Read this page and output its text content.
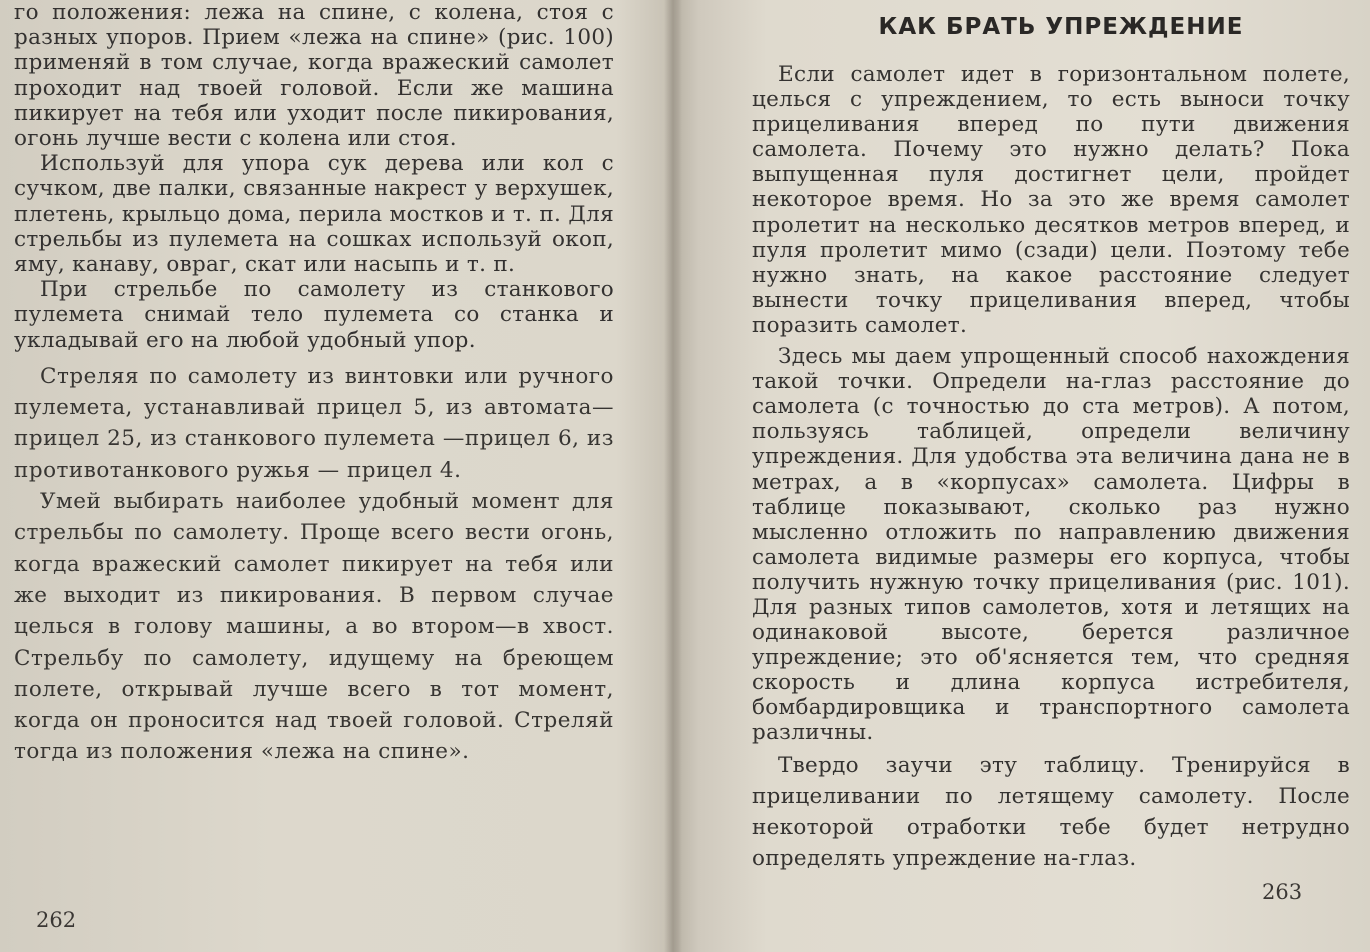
го положения: лежа на спине, с колена, стоя с разных упоров. Прием «лежа на спине» (рис. 100) применяй в том случае, когда вражеский самолет проходит над твоей головой. Если же машина пикирует на тебя или уходит после пикирования, огонь лучше вести с колена или стоя.

Используй для упора сук дерева или кол с сучком, две палки, связанные накрест у верхушек, плетень, крыльцо дома, перила мостков и т. п. Для стрельбы из пулемета на сошках используй окоп, яму, канаву, овраг, скат или насыпь и т. п.

При стрельбе по самолету из станкового пулемета снимай тело пулемета со станка и укладывай его на любой удобный упор.

Стреляя по самолету из винтовки или ручного пулемета, устанавливай прицел 5, из автомата—прицел 25, из станкового пулемета —прицел 6, из противотанкового ружья — прицел 4.

Умей выбирать наиболее удобный момент для стрельбы по самолету. Проще всего вести огонь, когда вражеский самолет пикирует на тебя или же выходит из пикирования. В первом случае целься в голову машины, а во втором—в хвост. Стрельбу по самолету, идущему на бреющем полете, открывай лучше всего в тот момент, когда он проносится над твоей головой. Стреляй тогда из положения «лежа на спине».

262
КАК БРАТЬ УПРЕЖДЕНИЕ

Если самолет идет в горизонтальном полете, целься с упреждением, то есть выноси точку прицеливания вперед по пути движения самолета. Почему это нужно делать? Пока выпущенная пуля достигнет цели, пройдет некоторое время. Но за это же время самолет пролетит на несколько десятков метров вперед, и пуля пролетит мимо (сзади) цели. Поэтому тебе нужно знать, на какое расстояние следует вынести точку прицеливания вперед, чтобы поразить самолет.

Здесь мы даем упрощенный способ нахождения такой точки. Определи на-глаз расстояние до самолета (с точностью до ста метров). А потом, пользуясь таблицей, определи величину упреждения. Для удобства эта величина дана не в метрах, а в «корпусах» самолета. Цифры в таблице показывают, сколько раз нужно мысленно отложить по направлению движения самолета видимые размеры его корпуса, чтобы получить нужную точку прицеливания (рис. 101). Для разных типов самолетов, хотя и летящих на одинаковой высоте, берется различное упреждение; это об'ясняется тем, что средняя скорость и длина корпуса истребителя, бомбардировщика и транспортного самолета различны.

Твердо заучи эту таблицу. Тренируйся в прицеливании по летящему самолету. После некоторой отработки тебе будет нетрудно определять упреждение на-глаз.

263
